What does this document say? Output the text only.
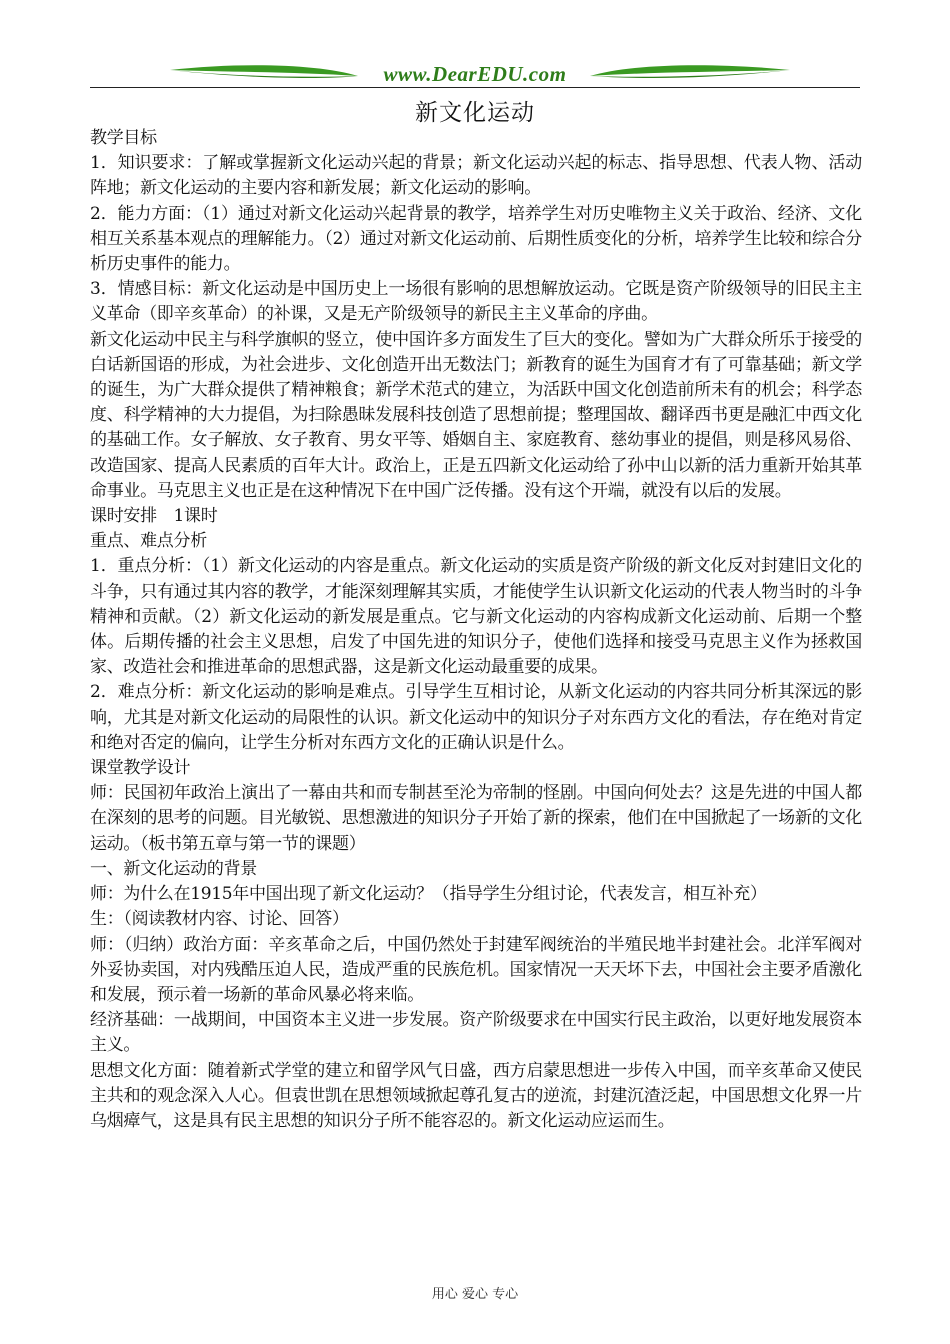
www.DearEDU.com
新文化运动

教学目标

1．知识要求：了解或掌握新文化运动兴起的背景；新文化运动兴起的标志、指导思想、代表人物、活动阵地；新文化运动的主要内容和新发展；新文化运动的影响。

2．能力方面：（1）通过对新文化运动兴起背景的教学，培养学生对历史唯物主义关于政治、经济、文化相互关系基本观点的理解能力。（2）通过对新文化运动前、后期性质变化的分析，培养学生比较和综合分析历史事件的能力。

3．情感目标：新文化运动是中国历史上一场很有影响的思想解放运动。它既是资产阶级领导的旧民主主义革命（即辛亥革命）的补课，又是无产阶级领导的新民主主义革命的序曲。

新文化运动中民主与科学旗帜的竖立，使中国许多方面发生了巨大的变化。譬如为广大群众所乐于接受的白话新国语的形成，为社会进步、文化创造开出无数法门；新教育的诞生为国育才有了可靠基础；新文学的诞生，为广大群众提供了精神粮食；新学术范式的建立，为活跃中国文化创造前所未有的机会；科学态度、科学精神的大力提倡，为扫除愚昧发展科技创造了思想前提；整理国故、翻译西书更是融汇中西文化的基础工作。女子解放、女子教育、男女平等、婚姻自主、家庭教育、慈幼事业的提倡，则是移风易俗、改造国家、提高人民素质的百年大计。政治上，正是五四新文化运动给了孙中山以新的活力重新开始其革命事业。马克思主义也正是在这种情况下在中国广泛传播。没有这个开端，就没有以后的发展。

课时安排　1课时

重点、难点分析

1．重点分析：（1）新文化运动的内容是重点。新文化运动的实质是资产阶级的新文化反对封建旧文化的斗争，只有通过其内容的教学，才能深刻理解其实质，才能使学生认识新文化运动的代表人物当时的斗争精神和贡献。（2）新文化运动的新发展是重点。它与新文化运动的内容构成新文化运动前、后期一个整体。后期传播的社会主义思想，启发了中国先进的知识分子，使他们选择和接受马克思主义作为拯救国家、改造社会和推进革命的思想武器，这是新文化运动最重要的成果。

2．难点分析：新文化运动的影响是难点。引导学生互相讨论，从新文化运动的内容共同分析其深远的影响，尤其是对新文化运动的局限性的认识。新文化运动中的知识分子对东西方文化的看法，存在绝对肯定和绝对否定的偏向，让学生分析对东西方文化的正确认识是什么。

课堂教学设计

师：民国初年政治上演出了一幕由共和而专制甚至沦为帝制的怪剧。中国向何处去？这是先进的中国人都在深刻的思考的问题。目光敏锐、思想激进的知识分子开始了新的探索，他们在中国掀起了一场新的文化运动。（板书第五章与第一节的课题）

一、新文化运动的背景

师：为什么在1915年中国出现了新文化运动？（指导学生分组讨论，代表发言，相互补充）

生：（阅读教材内容、讨论、回答）

师：（归纳）政治方面：辛亥革命之后，中国仍然处于封建军阀统治的半殖民地半封建社会。北洋军阀对外妥协卖国，对内残酷压迫人民，造成严重的民族危机。国家情况一天天坏下去，中国社会主要矛盾激化和发展，预示着一场新的革命风暴必将来临。

经济基础：一战期间，中国资本主义进一步发展。资产阶级要求在中国实行民主政治，以更好地发展资本主义。

思想文化方面：随着新式学堂的建立和留学风气日盛，西方启蒙思想进一步传入中国，而辛亥革命又使民主共和的观念深入人心。但袁世凯在思想领域掀起尊孔复古的逆流，封建沉渣泛起，中国思想文化界一片乌烟瘴气，这是具有民主思想的知识分子所不能容忍的。新文化运动应运而生。

用心 爱心 专心
